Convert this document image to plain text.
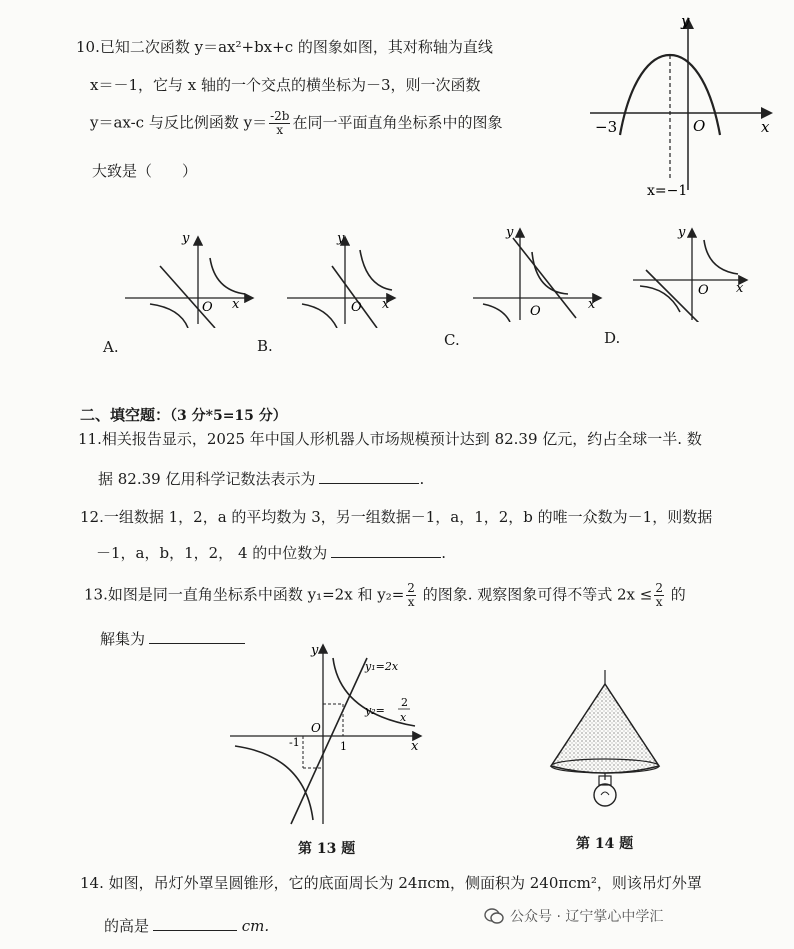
10.已知二次函数 y＝ax²+bx+c 的图象如图，其对称轴为直线
x＝－1，它与 x 轴的一个交点的横坐标为－3，则一次函数
y＝ax-c 与反比例函数 $y= \frac{-2b}{x}$ 在同一平面直角坐标系中的图象
大致是（　　）
y
x
O
−3
x=−1
y
x
O
A.
y
x
O
B.
y
x
O
C.
y
x
O
D.
二、填空题：（3 分*5=15 分）
11.相关报告显示，2025 年中国人形机器人市场规模预计达到 82.39 亿元，约占全球一半. 数
据 82.39 亿用科学记数法表示为	.
12.一组数据 1，2，a 的平均数为 3，另一组数据－1，a，1，2，b 的唯一众数为－1，则数据
－1，a，b，1，2， 4 的中位数为	.
13.如图是同一直角坐标系中函数 y₁=2x 和 $y_2= \frac{2}{x}$ 的图象. 观察图象可得不等式 $2x \le \frac{2}{x}$ 的
解集为
y
x
O
1
-1
y₁=2x
y₂=
2
x
第 13 题	第 14 题
14. 如图，吊灯外罩呈圆锥形，它的底面周长为 24πcm，侧面积为 240πcm²，则该吊灯外罩
的高是	cm.	公众号 · 辽宁掌心中学汇
